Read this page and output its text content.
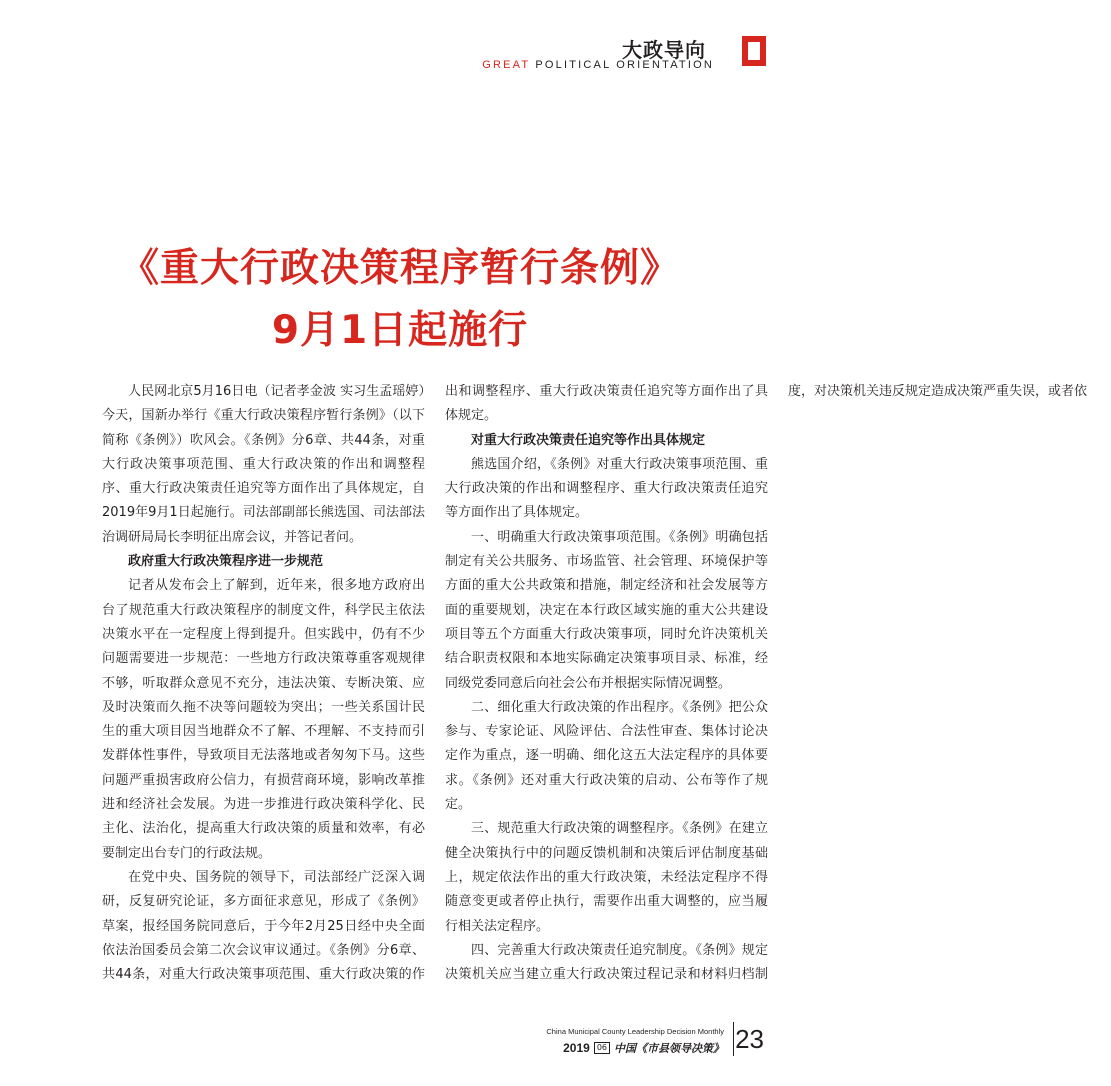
大政导向
GREAT POLITICAL ORIENTATION
《重大行政决策程序暂行条例》
9月1日起施行

人民网北京5月16日电（记者孝金波 实习生孟瑶婷）今天，国新办举行《重大行政决策程序暂行条例》（以下简称《条例》）吹风会。《条例》分6章、共44条，对重大行政决策事项范围、重大行政决策的作出和调整程序、重大行政决策责任追究等方面作出了具体规定，自2019年9月1日起施行。司法部副部长熊选国、司法部法治调研局局长李明征出席会议，并答记者问。

政府重大行政决策程序进一步规范

记者从发布会上了解到，近年来，很多地方政府出台了规范重大行政决策程序的制度文件，科学民主依法决策水平在一定程度上得到提升。但实践中，仍有不少问题需要进一步规范：一些地方行政决策尊重客观规律不够，听取群众意见不充分，违法决策、专断决策、应及时决策而久拖不决等问题较为突出；一些关系国计民生的重大项目因当地群众不了解、不理解、不支持而引发群体性事件，导致项目无法落地或者匆匆下马。这些问题严重损害政府公信力，有损营商环境，影响改革推进和经济社会发展。为进一步推进行政决策科学化、民主化、法治化，提高重大行政决策的质量和效率，有必要制定出台专门的行政法规。

在党中央、国务院的领导下，司法部经广泛深入调研，反复研究论证，多方面征求意见，形成了《条例》草案，报经国务院同意后，于今年2月25日经中央全面依法治国委员会第二次会议审议通过。《条例》分6章、共44条，对重大行政决策事项范围、重大行政决策的作出和调整程序、重大行政决策责任追究等方面作出了具体规定。

对重大行政决策责任追究等作出具体规定

熊选国介绍，《条例》对重大行政决策事项范围、重大行政决策的作出和调整程序、重大行政决策责任追究等方面作出了具体规定。

一、明确重大行政决策事项范围。《条例》明确包括制定有关公共服务、市场监管、社会管理、环境保护等方面的重大公共政策和措施，制定经济和社会发展等方面的重要规划，决定在本行政区域实施的重大公共建设项目等五个方面重大行政决策事项，同时允许决策机关结合职责权限和本地实际确定决策事项目录、标准，经同级党委同意后向社会公布并根据实际情况调整。

二、细化重大行政决策的作出程序。《条例》把公众参与、专家论证、风险评估、合法性审查、集体讨论决定作为重点，逐一明确、细化这五大法定程序的具体要求。《条例》还对重大行政决策的启动、公布等作了规定。

三、规范重大行政决策的调整程序。《条例》在建立健全决策执行中的问题反馈机制和决策后评估制度基础上，规定依法作出的重大行政决策，未经法定程序不得随意变更或者停止执行，需要作出重大调整的，应当履行相关法定程序。

四、完善重大行政决策责任追究制度。《条例》规定决策机关应当建立重大行政决策过程记录和材料归档制度，对决策机关违反规定造成决策严重失误，或者依

China Municipal County Leadership Decision Monthly
2019 06 中国《市县领导决策》 23
